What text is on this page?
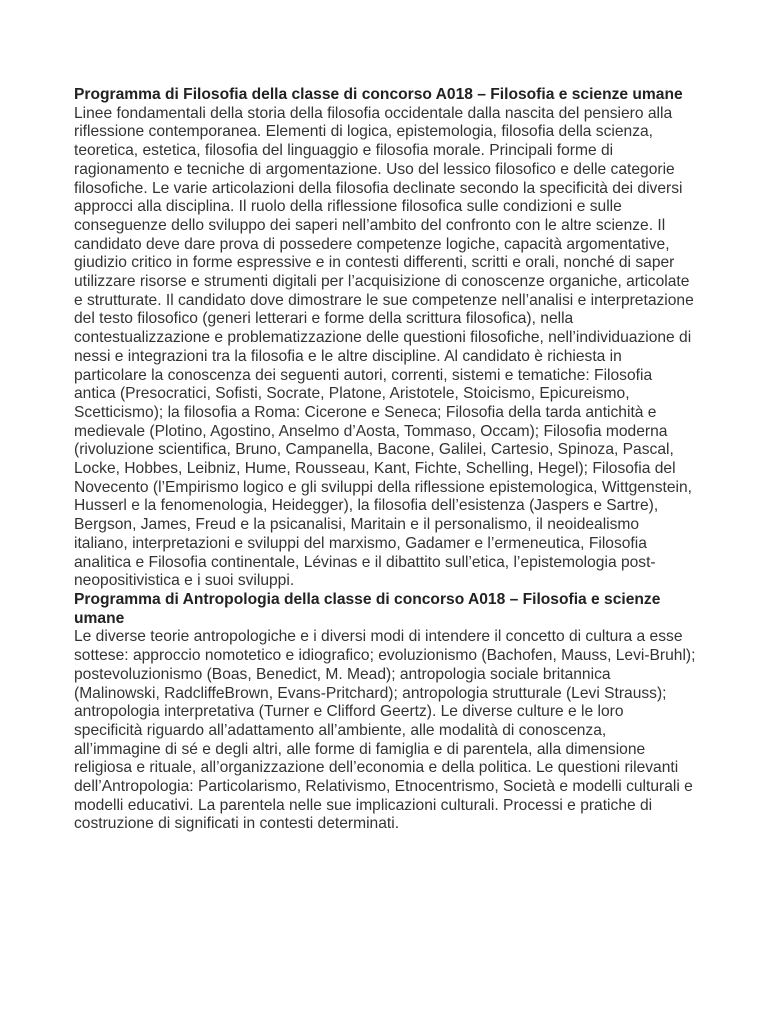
Programma di Filosofia della classe di concorso A018 – Filosofia e scienze umane

Linee fondamentali della storia della filosofia occidentale dalla nascita del pensiero alla riflessione contemporanea. Elementi di logica, epistemologia, filosofia della scienza, teoretica, estetica, filosofia del linguaggio e filosofia morale. Principali forme di ragionamento e tecniche di argomentazione. Uso del lessico filosofico e delle categorie filosofiche. Le varie articolazioni della filosofia declinate secondo la specificità dei diversi approcci alla disciplina. Il ruolo della riflessione filosofica sulle condizioni e sulle conseguenze dello sviluppo dei saperi nell’ambito del confronto con le altre scienze. Il candidato deve dare prova di possedere competenze logiche, capacità argomentative, giudizio critico in forme espressive e in contesti differenti, scritti e orali, nonché di saper utilizzare risorse e strumenti digitali per l’acquisizione di conoscenze organiche, articolate e strutturate. Il candidato dove dimostrare le sue competenze nell’analisi e interpretazione del testo filosofico (generi letterari e forme della scrittura filosofica), nella contestualizzazione e problematizzazione delle questioni filosofiche, nell’individuazione di nessi e integrazioni tra la filosofia e le altre discipline. Al candidato è richiesta in particolare la conoscenza dei seguenti autori, correnti, sistemi e tematiche: Filosofia antica (Presocratici, Sofisti, Socrate, Platone, Aristotele, Stoicismo, Epicureismo, Scetticismo); la filosofia a Roma: Cicerone e Seneca; Filosofia della tarda antichità e medievale (Plotino, Agostino, Anselmo d’Aosta, Tommaso, Occam); Filosofia moderna (rivoluzione scientifica, Bruno, Campanella, Bacone, Galilei, Cartesio, Spinoza, Pascal, Locke, Hobbes, Leibniz, Hume, Rousseau, Kant, Fichte, Schelling, Hegel); Filosofia del Novecento (l’Empirismo logico e gli sviluppi della riflessione epistemologica, Wittgenstein, Husserl e la fenomenologia, Heidegger), la filosofia dell’esistenza (Jaspers e Sartre), Bergson, James, Freud e la psicanalisi, Maritain e il personalismo, il neoidealismo italiano, interpretazioni e sviluppi del marxismo, Gadamer e l’ermeneutica, Filosofia analitica e Filosofia continentale, Lévinas e il dibattito sull’etica, l’epistemologia post-neopositivistica e i suoi sviluppi.

Programma di Antropologia della classe di concorso A018 – Filosofia e scienze umane

Le diverse teorie antropologiche e i diversi modi di intendere il concetto di cultura a esse sottese: approccio nomotetico e idiografico; evoluzionismo (Bachofen, Mauss, Levi-Bruhl); postevoluzionismo (Boas, Benedict, M. Mead); antropologia sociale britannica (Malinowski, RadcliffeBrown, Evans-Pritchard); antropologia strutturale (Levi Strauss); antropologia interpretativa (Turner e Clifford Geertz). Le diverse culture e le loro specificità riguardo all’adattamento all’ambiente, alle modalità di conoscenza, all’immagine di sé e degli altri, alle forme di famiglia e di parentela, alla dimensione religiosa e rituale, all’organizzazione dell’economia e della politica. Le questioni rilevanti dell’Antropologia: Particolarismo, Relativismo, Etnocentrismo, Società e modelli culturali e modelli educativi. La parentela nelle sue implicazioni culturali. Processi e pratiche di costruzione di significati in contesti determinati.
